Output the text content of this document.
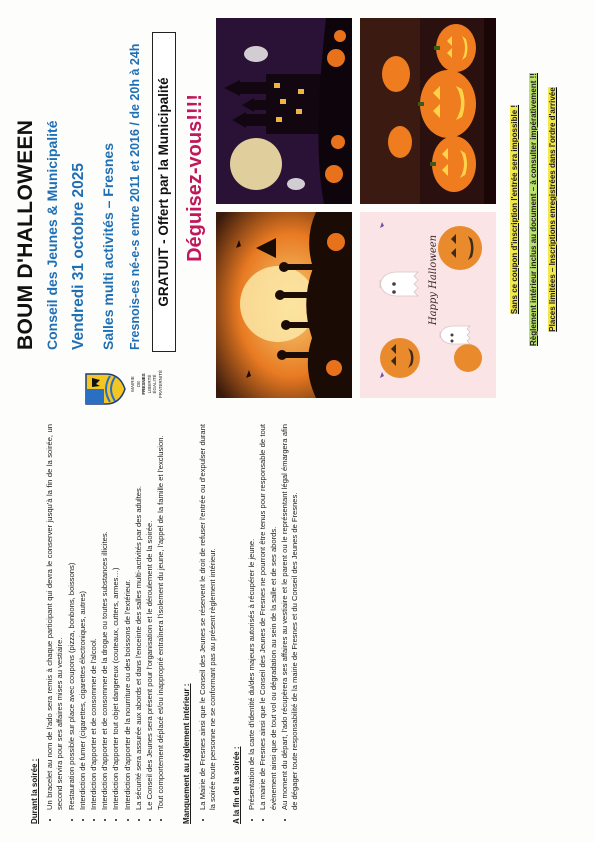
Durant la soirée : • Un bracelet au nom de l'ado sera remis à chaque participant qui devra le conserver jusqu'à la fin de la soirée, un second servira pour ses affaires mises au vestiaire. • Restauration possible sur place avec coupons (pizza, bonbons, boissons) • Interdiction de fumer (cigarettes, cigarettes électroniques, autres) • Interdiction d'apporter et de consommer de l'alcool. • Interdiction d'apporter et de consommer de la drogue ou toutes substances illicites. • Interdiction d'apporter tout objet dangereux (couteaux, cutters, armes…) • Interdiction d'apporter de la nourriture ou des boissons de l'extérieur. • La sécurité sera assurée aux abords et dans l'enceinte des salles multi-activités par des adultes. • Le Conseil des Jeunes sera présent pour l'organisation et le déroulement de la soirée. • Tout comportement déplacé et/ou inapproprié entraînera l'isolement du jeune, l'appel de la famille et l'exclusion. Manquement au règlement intérieur : • La Mairie de Fresnes ainsi que le Conseil des Jeunes se réservent le droit de refuser l'entrée ou d'expulser durant la soirée toute personne ne se conformant pas au présent règlement intérieur. A la fin de la soirée : • Présentation de la carte d'identité du/des majeurs autorisés à récupérer le jeune. • La mairie de Fresnes ainsi que le Conseil des Jeunes de Fresnes ne pourront être tenus pour responsable de tout évènement ainsi que de tout vol ou dégradation au sein de la salle et de ses abords. • Au moment du départ, l'ado récupèrera ses affaires au vestiaire et le parent ou le représentant légal émargera afin de dégager toute responsabilité de la mairie de Fresnes et du Conseil des Jeunes de Fresnes.
MAIRIE DE FRESNES LIBERTÉ ÉGALITÉ FRATERNITÉ
BOUM D'HALLOWEEN Conseil des Jeunes & Municipalité Vendredi 31 octobre 2025 Salles multi activités – Fresnes Fresnois-es né-e-s entre 2011 et 2016 / de 20h à 24h GRATUIT - Offert par la Municipalité Déguisez-vous!!!!
Happy Halloween	Sans ce coupon d'inscription l'entrée sera impossible ! Règlement intérieur inclus au document – à consulter impérativement !! Places limitées – Inscriptions enregistrées dans l'ordre d'arrivée
